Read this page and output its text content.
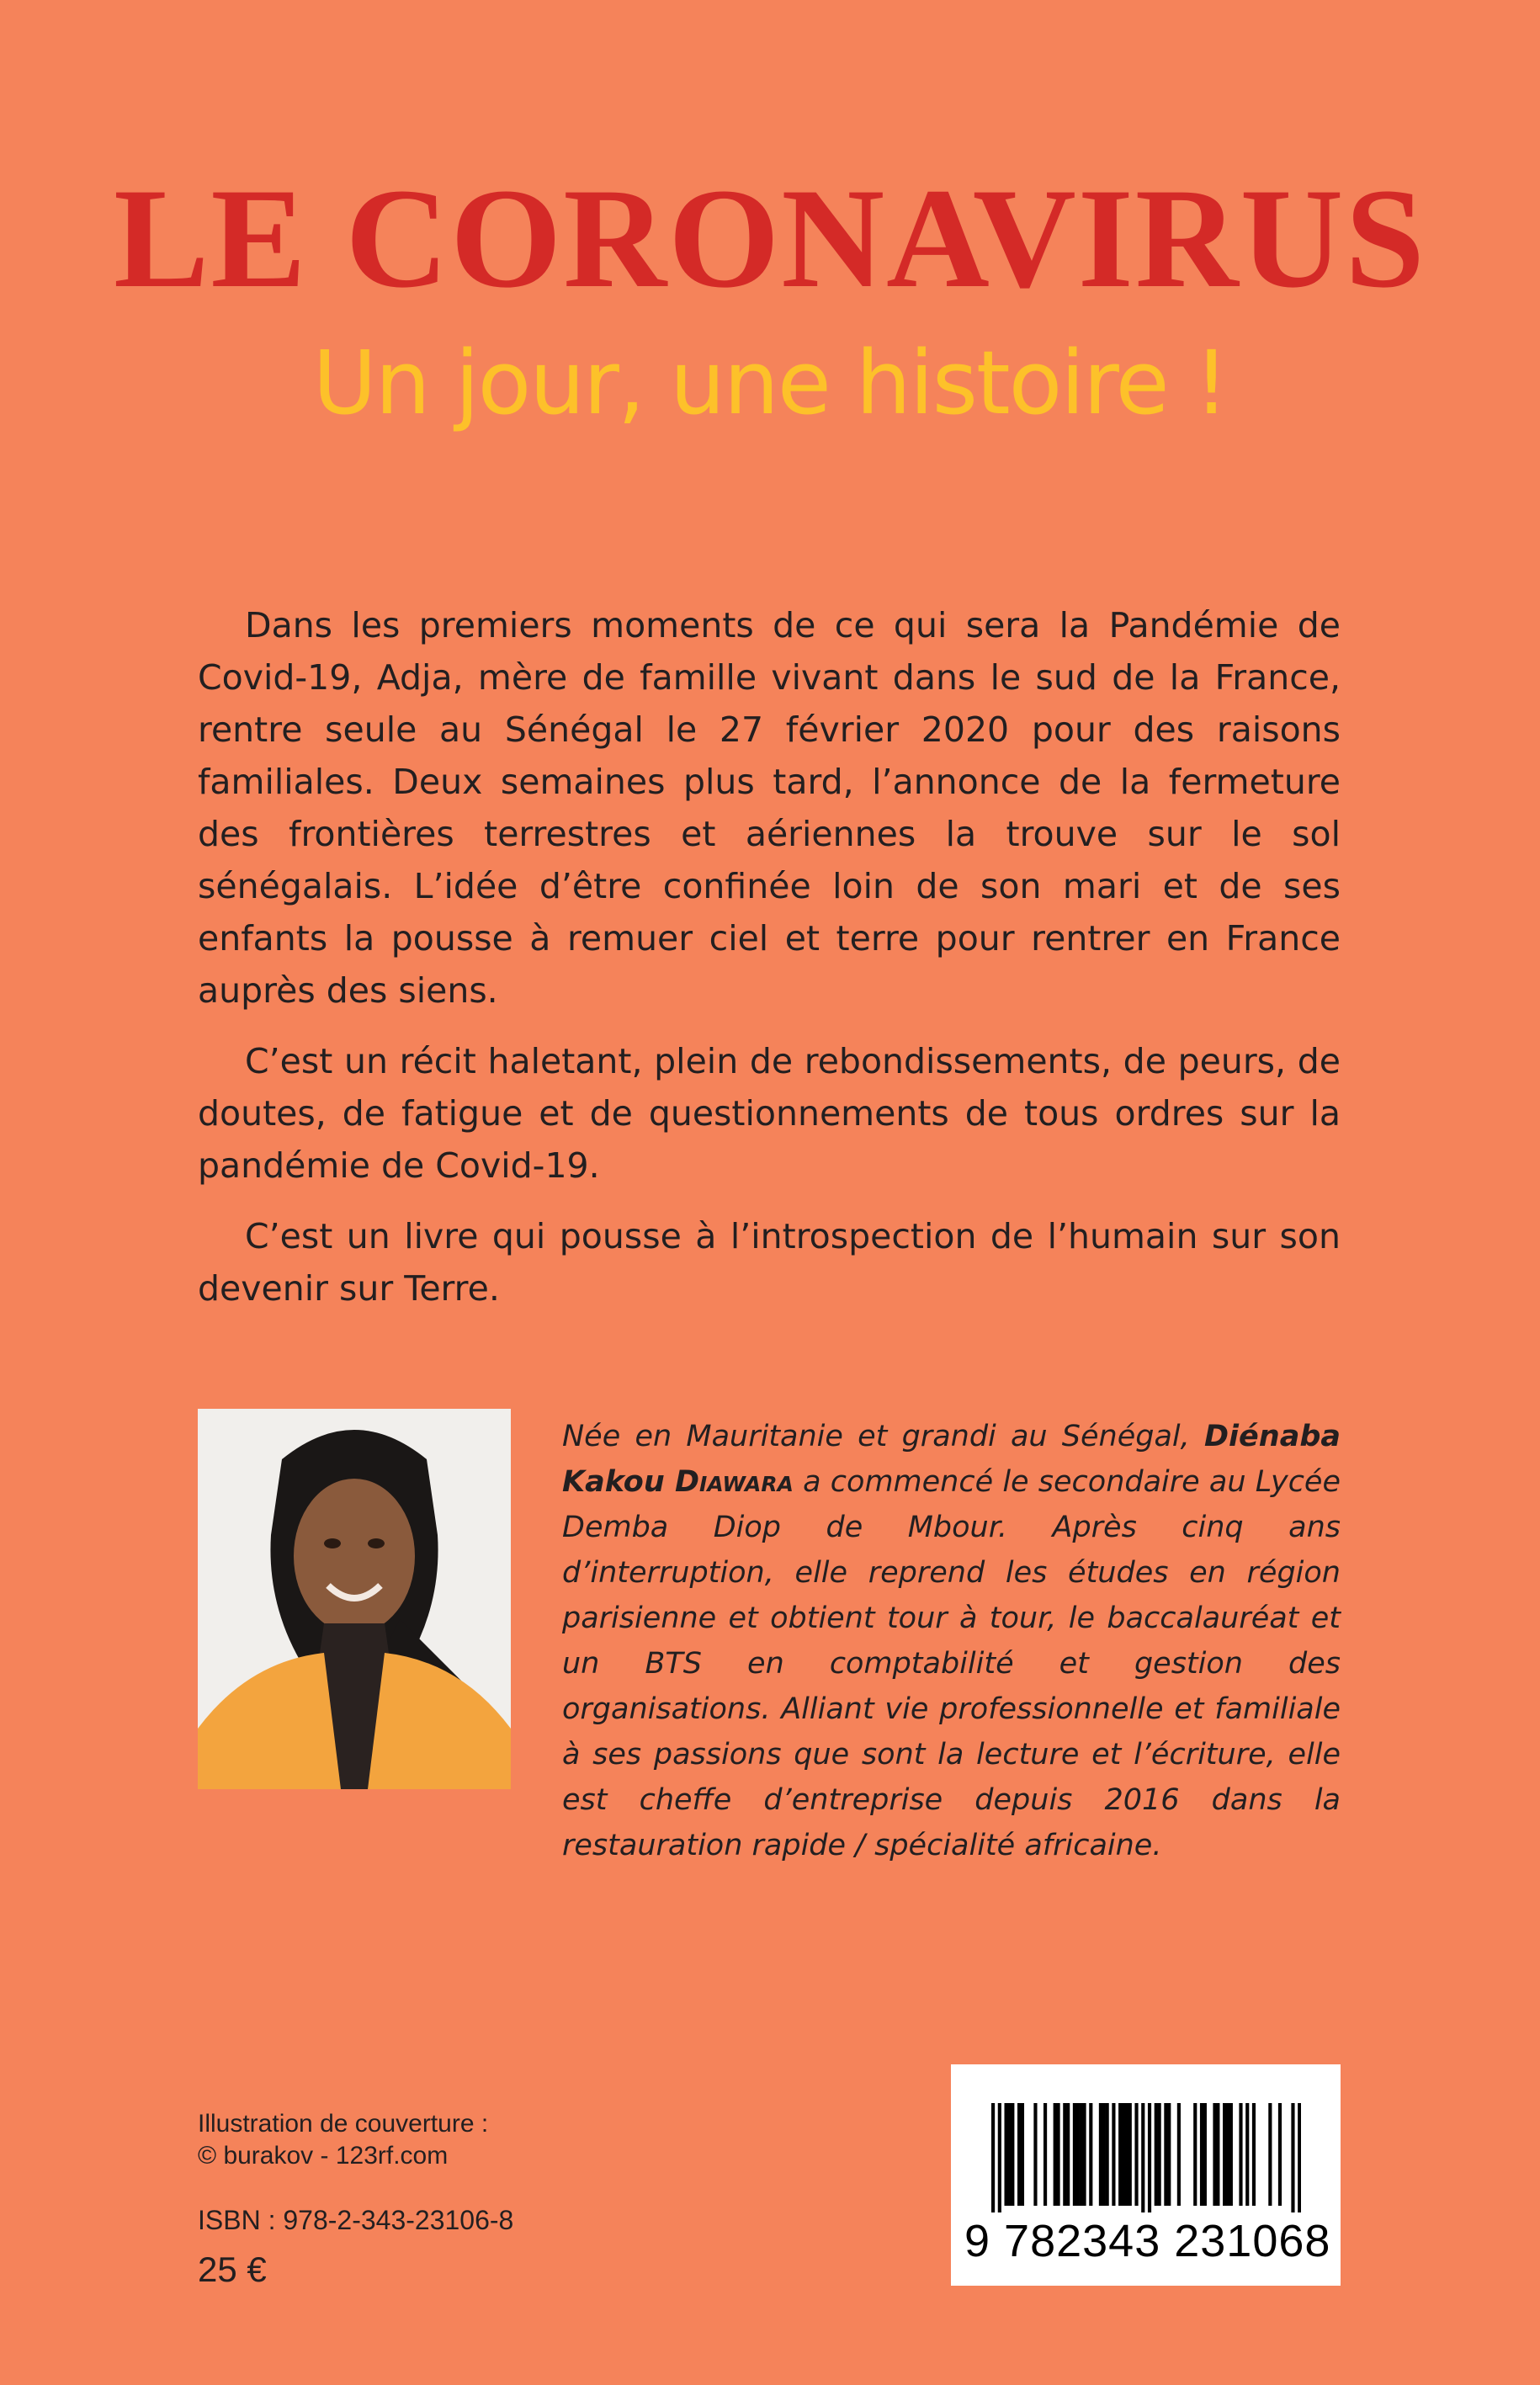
LE CORONAVIRUS
Un jour, une histoire !

Dans les premiers moments de ce qui sera la Pandémie de Covid-19, Adja, mère de famille vivant dans le sud de la France, rentre seule au Sénégal le 27 février 2020 pour des raisons familiales. Deux semaines plus tard, l’annonce de la fermeture des frontières terrestres et aériennes la trouve sur le sol sénégalais. L’idée d’être confinée loin de son mari et de ses enfants la pousse à remuer ciel et terre pour rentrer en France auprès des siens.

C’est un récit haletant, plein de rebondissements, de peurs, de doutes, de fatigue et de questionnements de tous ordres sur la pandémie de Covid-19.

C’est un livre qui pousse à l’introspection de l’humain sur son devenir sur Terre.

Née en Mauritanie et grandi au Sénégal, Diénaba Kakou Diawara a commencé le secondaire au Lycée Demba Diop de Mbour. Après cinq ans d’interruption, elle reprend les études en région parisienne et obtient tour à tour, le baccalauréat et un BTS en comptabilité et gestion des organisations. Alliant vie professionnelle et familiale à ses passions que sont la lecture et l’écriture, elle est cheffe d’entreprise depuis 2016 dans la restauration rapide / spécialité africaine.

Illustration de couverture :
© burakov - 123rf.com

ISBN : 978-2-343-23106-8

25 €

9 782343 231068
